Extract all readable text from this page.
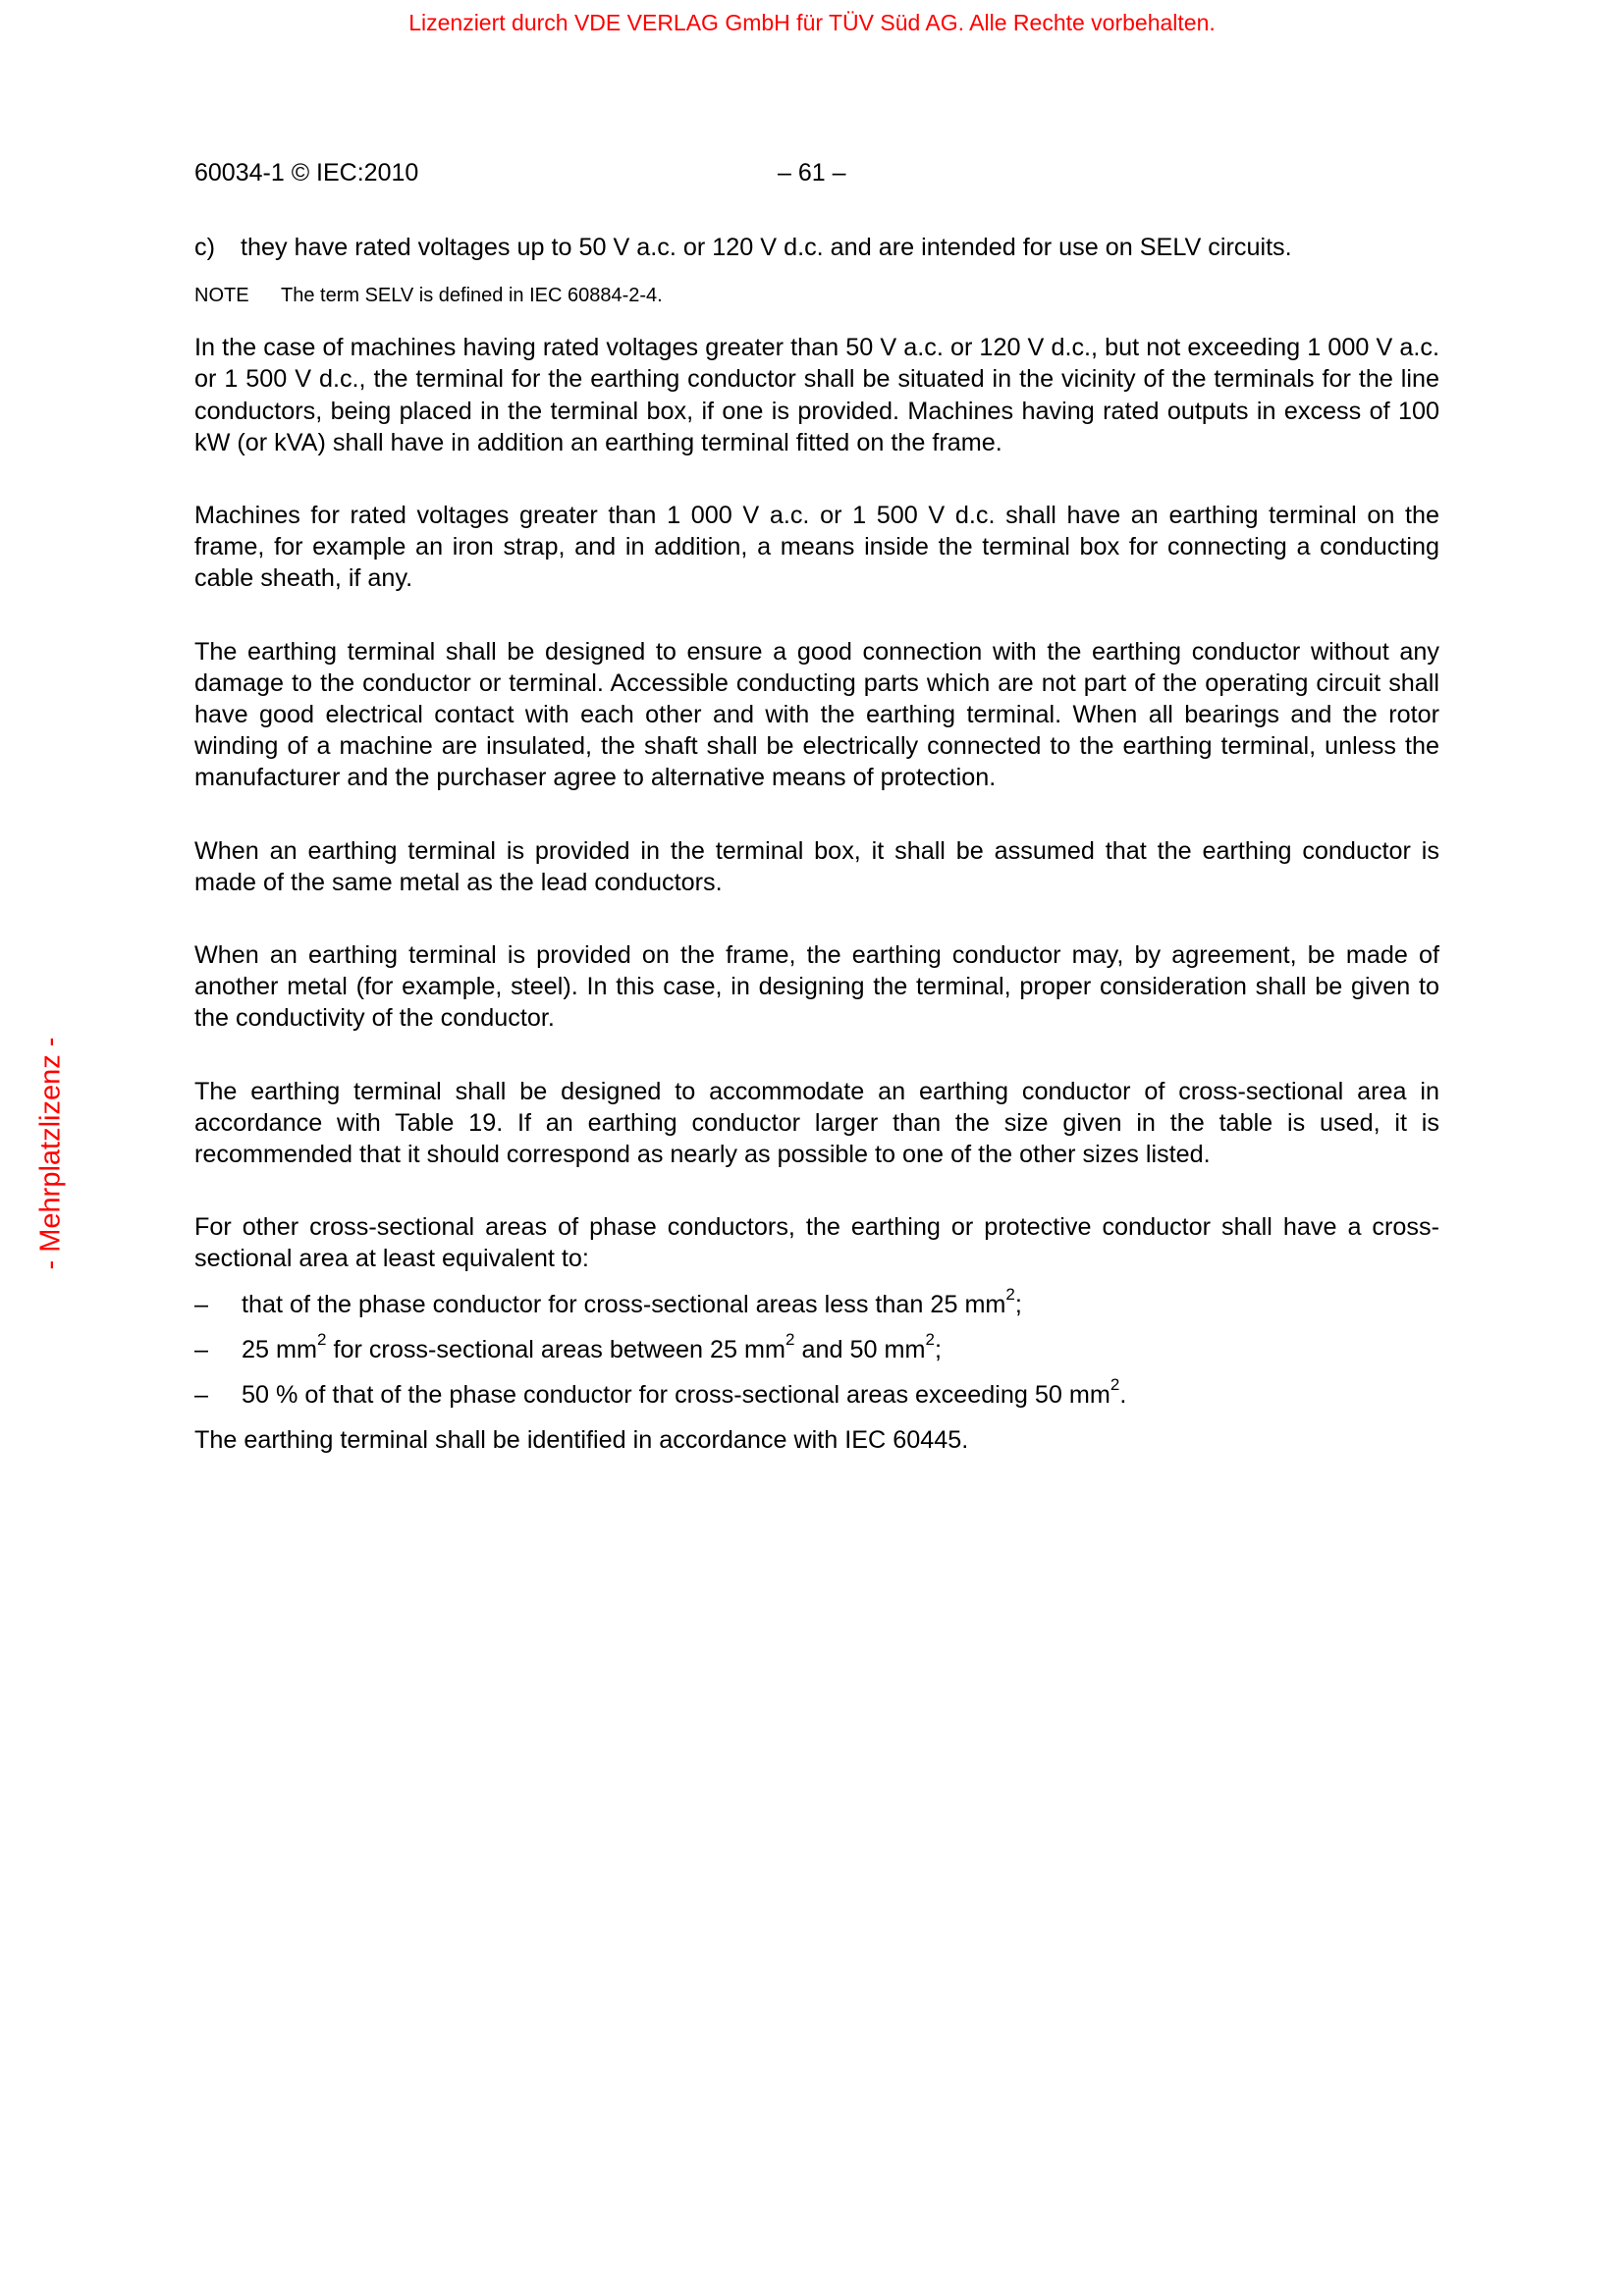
Lizenziert durch VDE VERLAG GmbH für TÜV Süd AG. Alle Rechte vorbehalten.
- Mehrplatzlizenz -
60034-1 © IEC:2010	– 61 –
c)	they have rated voltages up to 50 V a.c. or 120 V d.c. and are intended for use on SELV circuits.
NOTE	The term SELV is defined in IEC 60884-2-4.

In the case of machines having rated voltages greater than 50 V a.c. or 120 V d.c., but not exceeding 1 000 V a.c. or 1 500 V d.c., the terminal for the earthing conductor shall be situated in the vicinity of the terminals for the line conductors, being placed in the terminal box, if one is provided. Machines having rated outputs in excess of 100 kW (or kVA) shall have in addition an earthing terminal fitted on the frame.

Machines for rated voltages greater than 1 000 V a.c. or 1 500 V d.c. shall have an earthing terminal on the frame, for example an iron strap, and in addition, a means inside the terminal box for connecting a conducting cable sheath, if any.

The earthing terminal shall be designed to ensure a good connection with the earthing conductor without any damage to the conductor or terminal. Accessible conducting parts which are not part of the operating circuit shall have good electrical contact with each other and with the earthing terminal. When all bearings and the rotor winding of a machine are insulated, the shaft shall be electrically connected to the earthing terminal, unless the manufacturer and the purchaser agree to alternative means of protection.

When an earthing terminal is provided in the terminal box, it shall be assumed that the earthing conductor is made of the same metal as the lead conductors.

When an earthing terminal is provided on the frame, the earthing conductor may, by agreement, be made of another metal (for example, steel). In this case, in designing the terminal, proper consideration shall be given to the conductivity of the conductor.

The earthing terminal shall be designed to accommodate an earthing conductor of cross-sectional area in accordance with Table 19. If an earthing conductor larger than the size given in the table is used, it is recommended that it should correspond as nearly as possible to one of the other sizes listed.

For other cross-sectional areas of phase conductors, the earthing or protective conductor shall have a cross-sectional area at least equivalent to:

–	that of the phase conductor for cross-sectional areas less than 25 $mm^2$;
–	25 $mm^2$ for cross-sectional areas between 25 $mm^2$ and 50 $mm^2$;
–	50 % of that of the phase conductor for cross-sectional areas exceeding 50 $mm^2$.

The earthing terminal shall be identified in accordance with IEC 60445.
